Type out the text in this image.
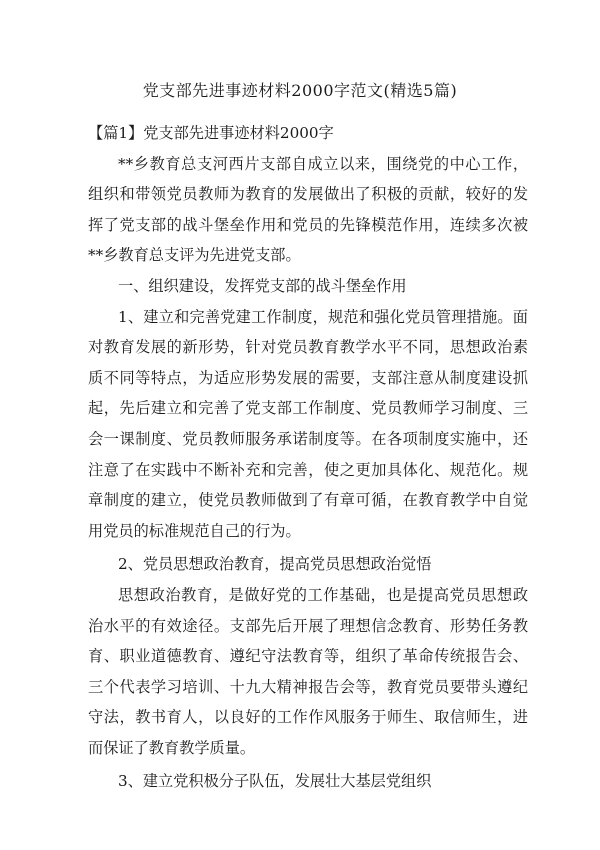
党支部先进事迹材料2000字范文(精选5篇)

【篇1】党支部先进事迹材料2000字

**乡教育总支河西片支部自成立以来，围绕党的中心工作，组织和带领党员教师为教育的发展做出了积极的贡献，较好的发挥了党支部的战斗堡垒作用和党员的先锋模范作用，连续多次被**乡教育总支评为先进党支部。

一、组织建设，发挥党支部的战斗堡垒作用

1、建立和完善党建工作制度，规范和强化党员管理措施。面对教育发展的新形势，针对党员教育教学水平不同，思想政治素质不同等特点，为适应形势发展的需要，支部注意从制度建设抓起，先后建立和完善了党支部工作制度、党员教师学习制度、三会一课制度、党员教师服务承诺制度等。在各项制度实施中，还注意了在实践中不断补充和完善，使之更加具体化、规范化。规章制度的建立，使党员教师做到了有章可循，在教育教学中自觉用党员的标准规范自己的行为。

2、党员思想政治教育，提高党员思想政治觉悟

思想政治教育，是做好党的工作基础，也是提高党员思想政治水平的有效途径。支部先后开展了理想信念教育、形势任务教育、职业道德教育、遵纪守法教育等，组织了革命传统报告会、三个代表学习培训、十九大精神报告会等，教育党员要带头遵纪守法，教书育人，以良好的工作作风服务于师生、取信师生，进而保证了教育教学质量。

3、建立党积极分子队伍，发展壮大基层党组织
